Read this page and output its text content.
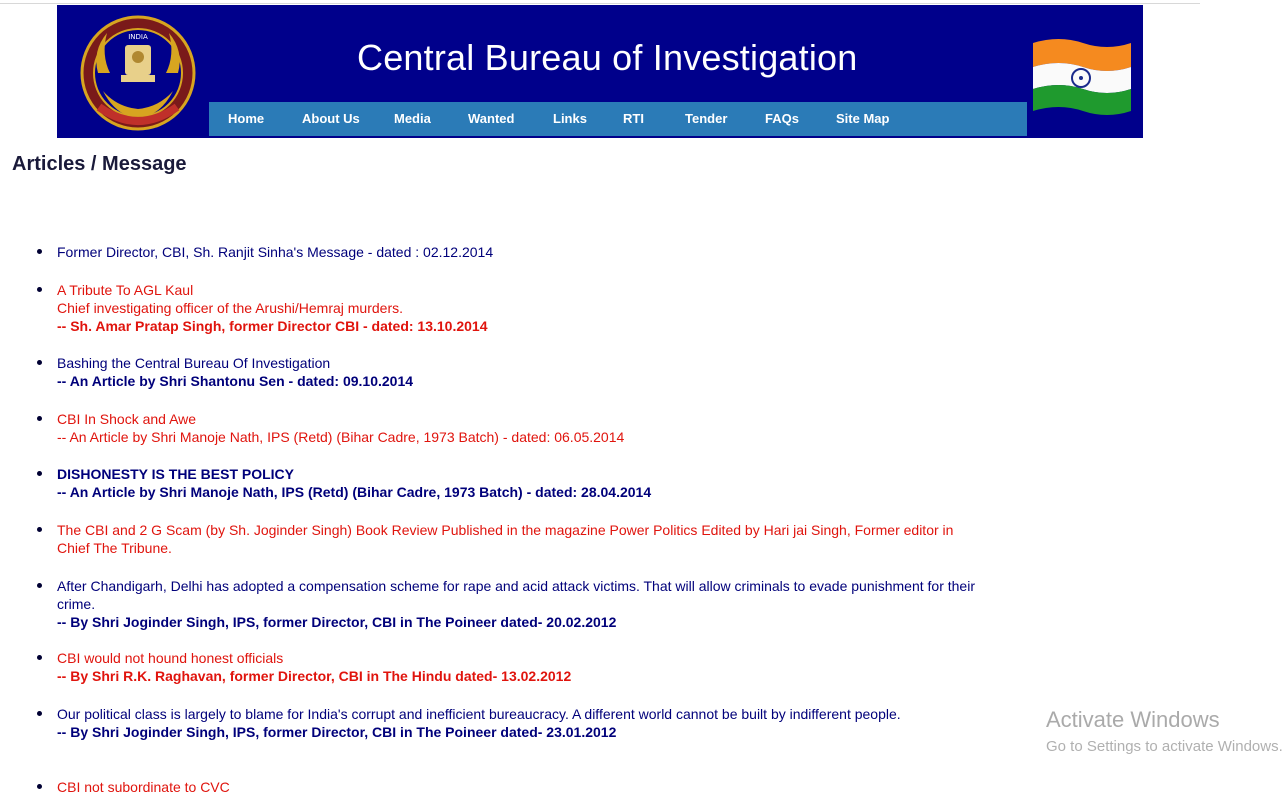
INDIA	Central Bureau of Investigation
Home	About Us	Media	Wanted	Links	RTI	Tender	FAQs	Site Map
Articles / Message
Former Director, CBI, Sh. Ranjit Sinha's Message - dated : 02.12.2014
A Tribute To AGL Kaul
Chief investigating officer of the Arushi/Hemraj murders.
-- Sh. Amar Pratap Singh, former Director CBI - dated: 13.10.2014
Bashing the Central Bureau Of Investigation
-- An Article by Shri Shantonu Sen - dated: 09.10.2014
CBI In Shock and Awe
-- An Article by Shri Manoje Nath, IPS (Retd) (Bihar Cadre, 1973 Batch) - dated: 06.05.2014
DISHONESTY IS THE BEST POLICY
-- An Article by Shri Manoje Nath, IPS (Retd) (Bihar Cadre, 1973 Batch) - dated: 28.04.2014
The CBI and 2 G Scam (by Sh. Joginder Singh) Book Review Published in the magazine Power Politics Edited by Hari jai Singh, Former editor in Chief The Tribune.
After Chandigarh, Delhi has adopted a compensation scheme for rape and acid attack victims. That will allow criminals to evade punishment for their crime.
-- By Shri Joginder Singh, IPS, former Director, CBI in The Poineer dated- 20.02.2012
CBI would not hound honest officials
-- By Shri R.K. Raghavan, former Director, CBI in The Hindu dated- 13.02.2012
Our political class is largely to blame for India's corrupt and inefficient bureaucracy. A different world cannot be built by indifferent people.
-- By Shri Joginder Singh, IPS, former Director, CBI in The Poineer dated- 23.01.2012
CBI not subordinate to CVC
Activate Windows
Go to Settings to activate Windows.
